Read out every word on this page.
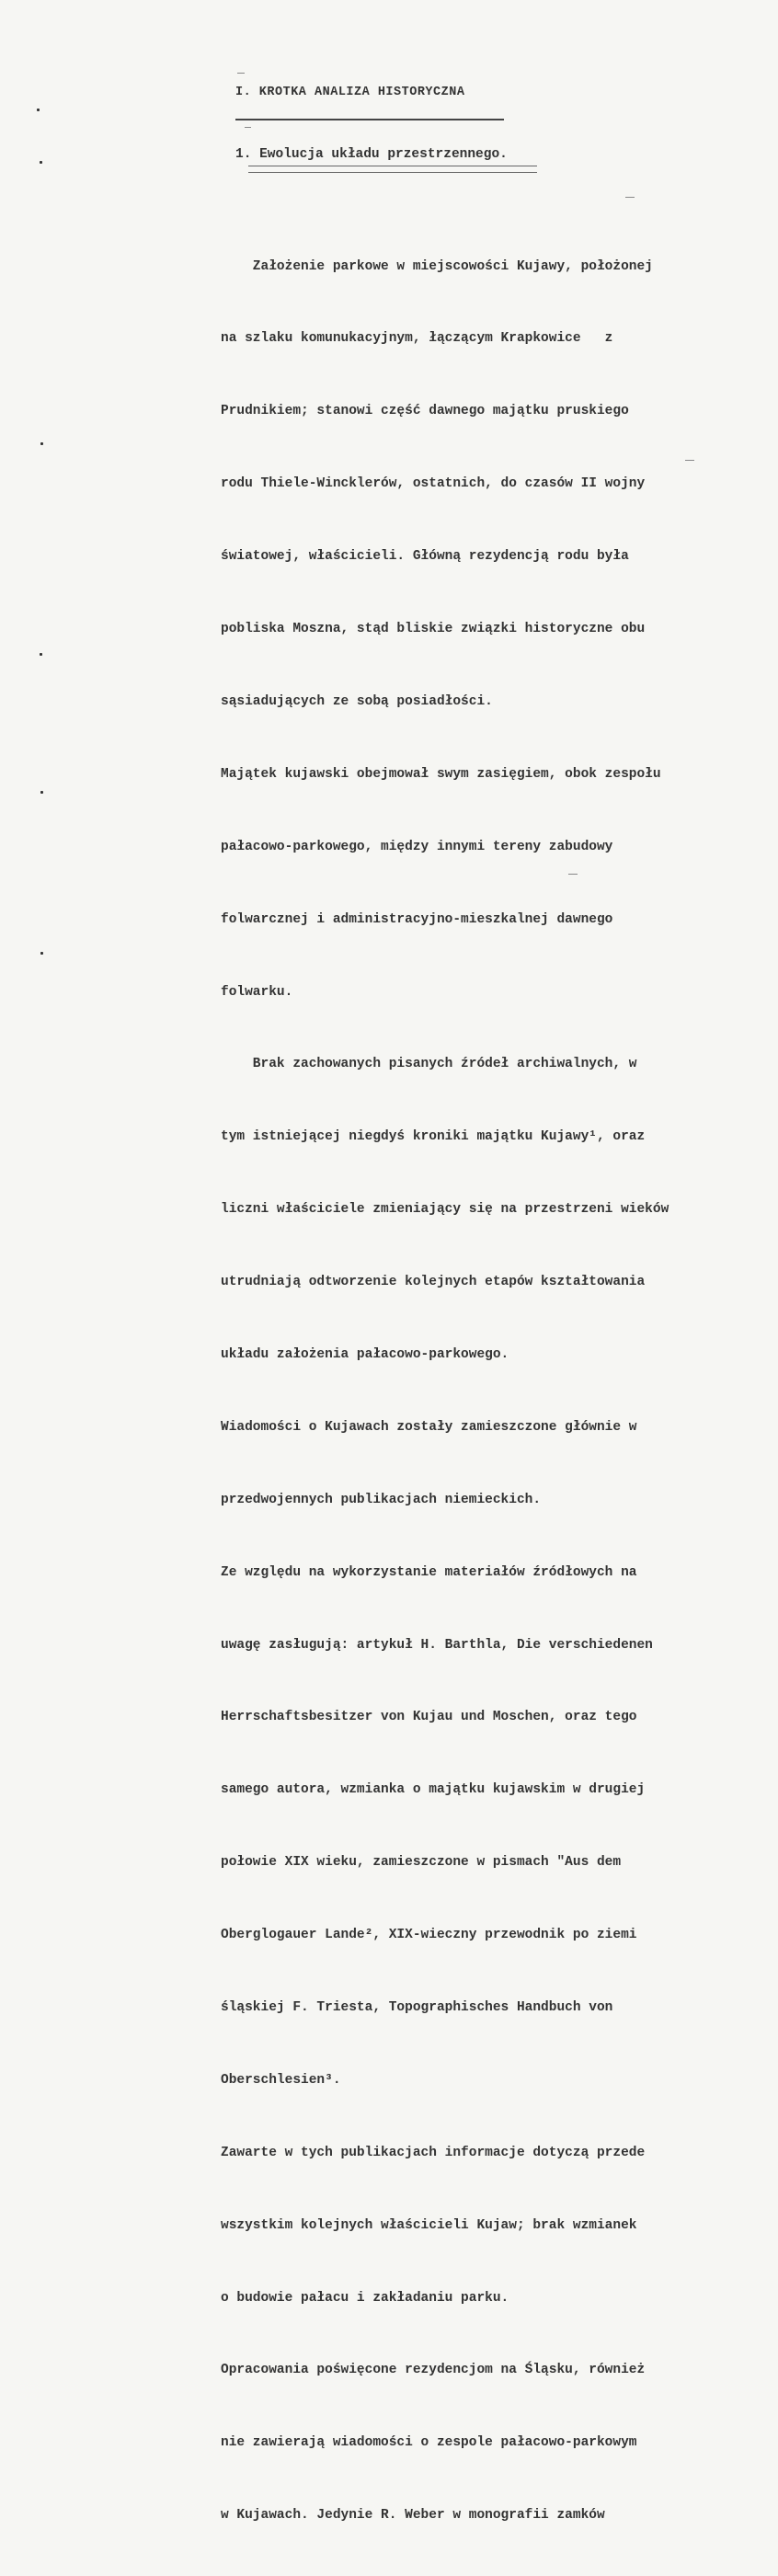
I. KROTKA ANALIZA HISTORYCZNA
1. Ewolucja układu przestrzennego.

Założenie parkowe w miejscowości Kujawy, położonej

na szlaku komunukacyjnym, łączącym Krapkowice   z

Prudnikiem; stanowi część dawnego majątku pruskiego

rodu Thiele-Wincklerów, ostatnich, do czasów II wojny

światowej, właścicieli. Główną rezydencją rodu była

pobliska Moszna, stąd bliskie związki historyczne obu

sąsiadujących ze sobą posiadłości.

Majątek kujawski obejmował swym zasięgiem, obok zespołu

pałacowo-parkowego, między innymi tereny zabudowy

folwarcznej i administracyjno-mieszkalnej dawnego

folwarku.

Brak zachowanych pisanych źródeł archiwalnych, w

tym istniejącej niegdyś kroniki majątku Kujawy¹, oraz

liczni właściciele zmieniający się na przestrzeni wieków

utrudniają odtworzenie kolejnych etapów kształtowania

układu założenia pałacowo-parkowego.

Wiadomości o Kujawach zostały zamieszczone głównie w

przedwojennych publikacjach niemieckich.

Ze względu na wykorzystanie materiałów źródłowych na

uwagę zasługują: artykuł H. Barthla, Die verschiedenen

Herrschaftsbesitzer von Kujau und Moschen, oraz tego

samego autora, wzmianka o majątku kujawskim w drugiej

połowie XIX wieku, zamieszczone w pismach "Aus dem

Oberglogauer Lande², XIX-wieczny przewodnik po ziemi

śląskiej F. Triesta, Topographisches Handbuch von

Oberschlesien³.

Zawarte w tych publikacjach informacje dotyczą przede

wszystkim kolejnych właścicieli Kujaw; brak wzmianek

o budowie pałacu i zakładaniu parku.

Opracowania poświęcone rezydencjom na Śląsku, również

nie zawierają wiadomości o zespole pałacowo-parkowym

w Kujawach. Jedynie R. Weber w monografii zamków
